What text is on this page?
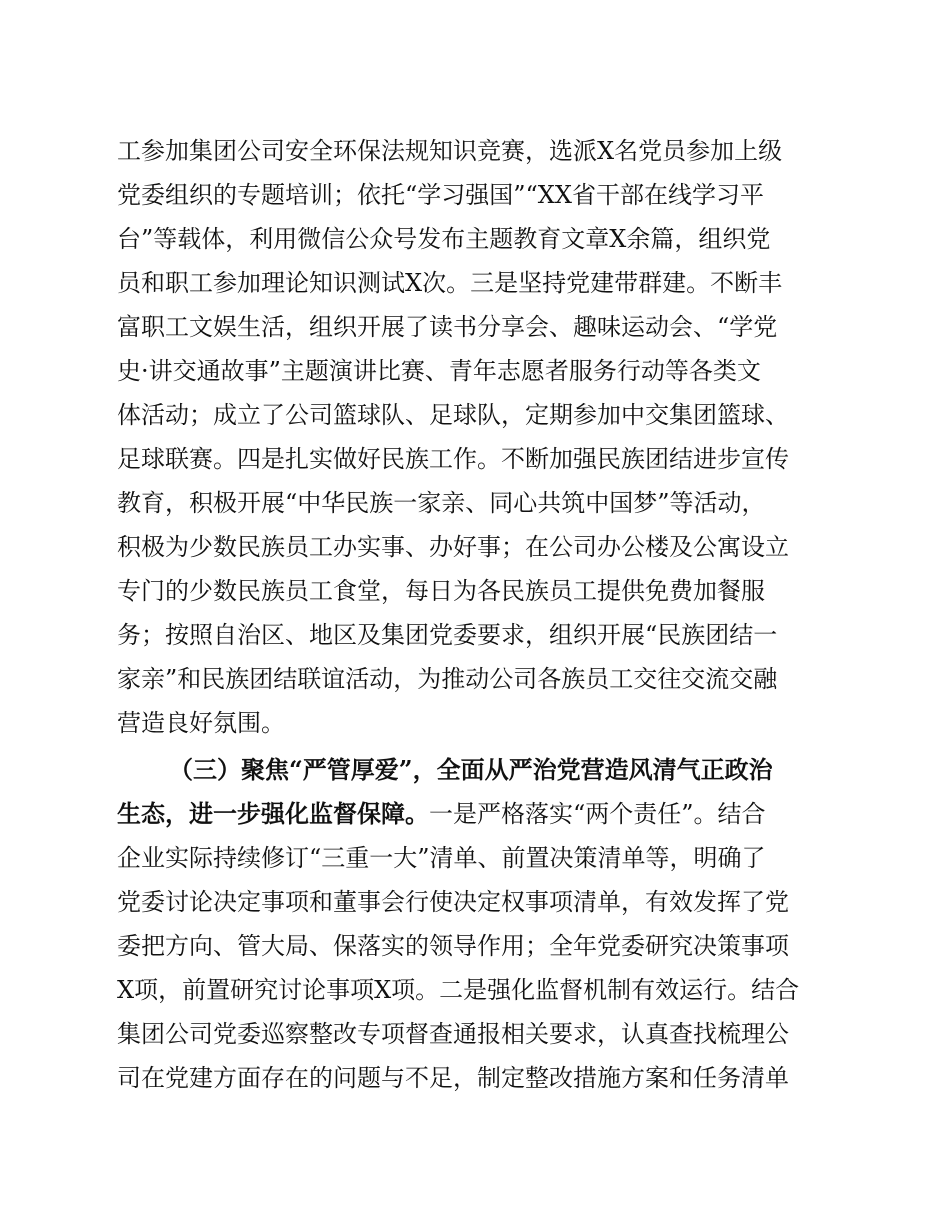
工参加集团公司安全环保法规知识竞赛，选派X名党员参加上级
党委组织的专题培训；依托“学习强国”“XX省干部在线学习平
台”等载体，利用微信公众号发布主题教育文章X余篇，组织党
员和职工参加理论知识测试X次。三是坚持党建带群建。不断丰
富职工文娱生活，组织开展了读书分享会、趣味运动会、“学党
史·讲交通故事”主题演讲比赛、青年志愿者服务行动等各类文
体活动；成立了公司篮球队、足球队，定期参加中交集团篮球、
足球联赛。四是扎实做好民族工作。不断加强民族团结进步宣传
教育，积极开展“中华民族一家亲、同心共筑中国梦”等活动，
积极为少数民族员工办实事、办好事；在公司办公楼及公寓设立
专门的少数民族员工食堂，每日为各民族员工提供免费加餐服
务；按照自治区、地区及集团党委要求，组织开展“民族团结一
家亲”和民族团结联谊活动，为推动公司各族员工交往交流交融
营造良好氛围。
（三）聚焦“严管厚爱”，全面从严治党营造风清气正政治
生态，进一步强化监督保障。一是严格落实“两个责任”。结合
企业实际持续修订“三重一大”清单、前置决策清单等，明确了
党委讨论决定事项和董事会行使决定权事项清单，有效发挥了党
委把方向、管大局、保落实的领导作用；全年党委研究决策事项
X项，前置研究讨论事项X项。二是强化监督机制有效运行。结合
集团公司党委巡察整改专项督查通报相关要求，认真查找梳理公
司在党建方面存在的问题与不足，制定整改措施方案和任务清单
